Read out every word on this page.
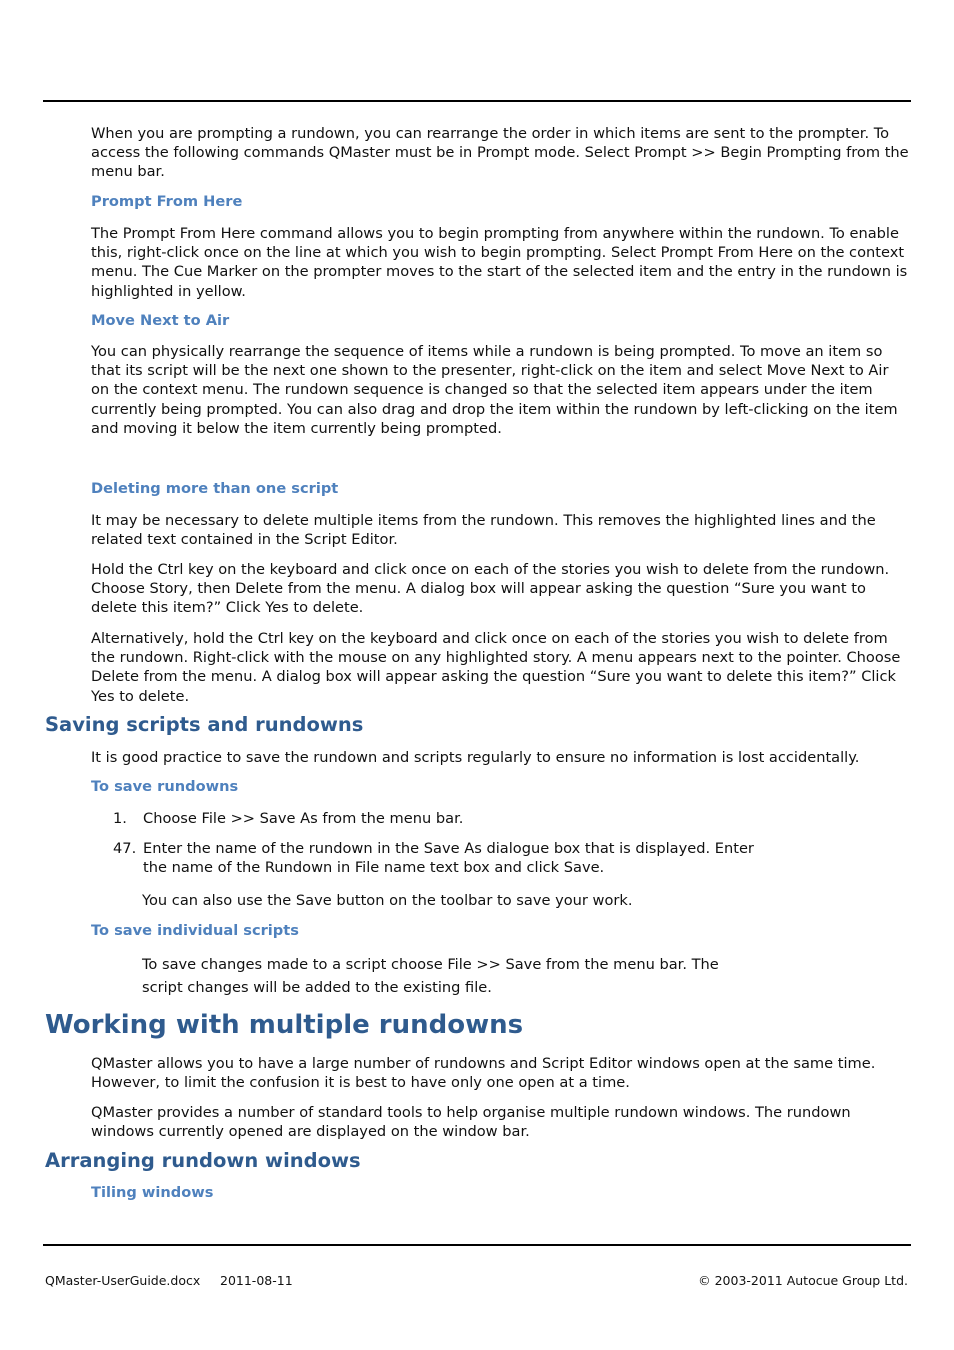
When you are prompting a rundown, you can rearrange the order in which items are sent to the prompter. To access the following commands QMaster must be in Prompt mode. Select Prompt >> Begin Prompting from the menu bar.

Prompt From Here

The Prompt From Here command allows you to begin prompting from anywhere within the rundown. To enable this, right-click once on the line at which you wish to begin prompting. Select Prompt From Here on the context menu. The Cue Marker on the prompter moves to the start of the selected item and the entry in the rundown is highlighted in yellow.

Move Next to Air

You can physically rearrange the sequence of items while a rundown is being prompted. To move an item so that its script will be the next one shown to the presenter, right-click on the item and select Move Next to Air on the context menu. The rundown sequence is changed so that the selected item appears under the item currently being prompted. You can also drag and drop the item within the rundown by left-clicking on the item and moving it below the item currently being prompted.

Deleting more than one script

It may be necessary to delete multiple items from the rundown. This removes the highlighted lines and the related text contained in the Script Editor.

Hold the Ctrl key on the keyboard and click once on each of the stories you wish to delete from the rundown. Choose Story, then Delete from the menu. A dialog box will appear asking the question “Sure you want to delete this item?” Click Yes to delete.

Alternatively, hold the Ctrl key on the keyboard and click once on each of the stories you wish to delete from the rundown. Right-click with the mouse on any highlighted story. A menu appears next to the pointer. Choose Delete from the menu. A dialog box will appear asking the question “Sure you want to delete this item?” Click Yes to delete.

Saving scripts and rundowns

It is good practice to save the rundown and scripts regularly to ensure no information is lost accidentally.

To save rundowns
1. Choose File >> Save As from the menu bar.
47. Enter the name of the rundown in the Save As dialogue box that is displayed. Enter the name of the Rundown in File name text box and click Save.

You can also use the Save button on the toolbar to save your work.

To save individual scripts

To save changes made to a script choose File >> Save from the menu bar. The

script changes will be added to the existing file.

Working with multiple rundowns

QMaster allows you to have a large number of rundowns and Script Editor windows open at the same time. However, to limit the confusion it is best to have only one open at a time.

QMaster provides a number of standard tools to help organise multiple rundown windows. The rundown windows currently opened are displayed on the window bar.

Arranging rundown windows
Tiling windows
QMaster-UserGuide.docx 2011-08-11	© 2003-2011 Autocue Group Ltd.
